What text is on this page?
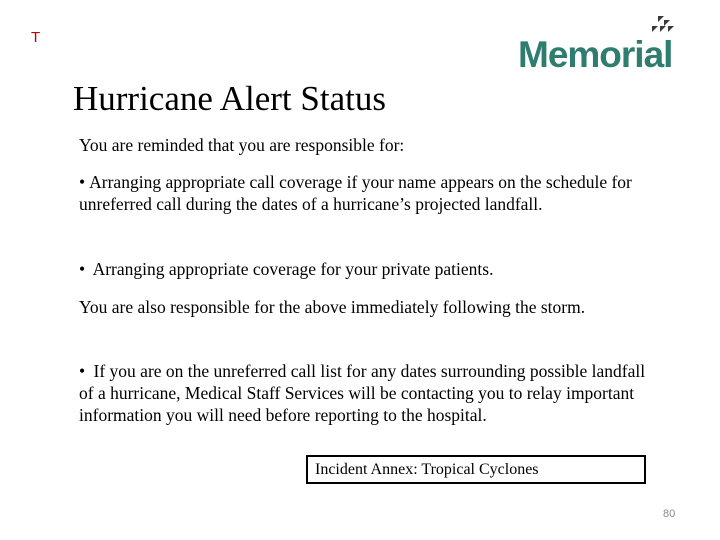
T	Memorial
Hurricane Alert Status

You are reminded that you are responsible for:

• Arranging appropriate call coverage if your name appears on the schedule for unreferred call during the dates of a hurricane’s projected landfall.

• Arranging appropriate coverage for your private patients.

You are also responsible for the above immediately following the storm.

• If you are on the unreferred call list for any dates surrounding possible landfall of a hurricane, Medical Staff Services will be contacting you to relay important information you will need before reporting to the hospital.

Incident Annex: Tropical Cyclones
80
